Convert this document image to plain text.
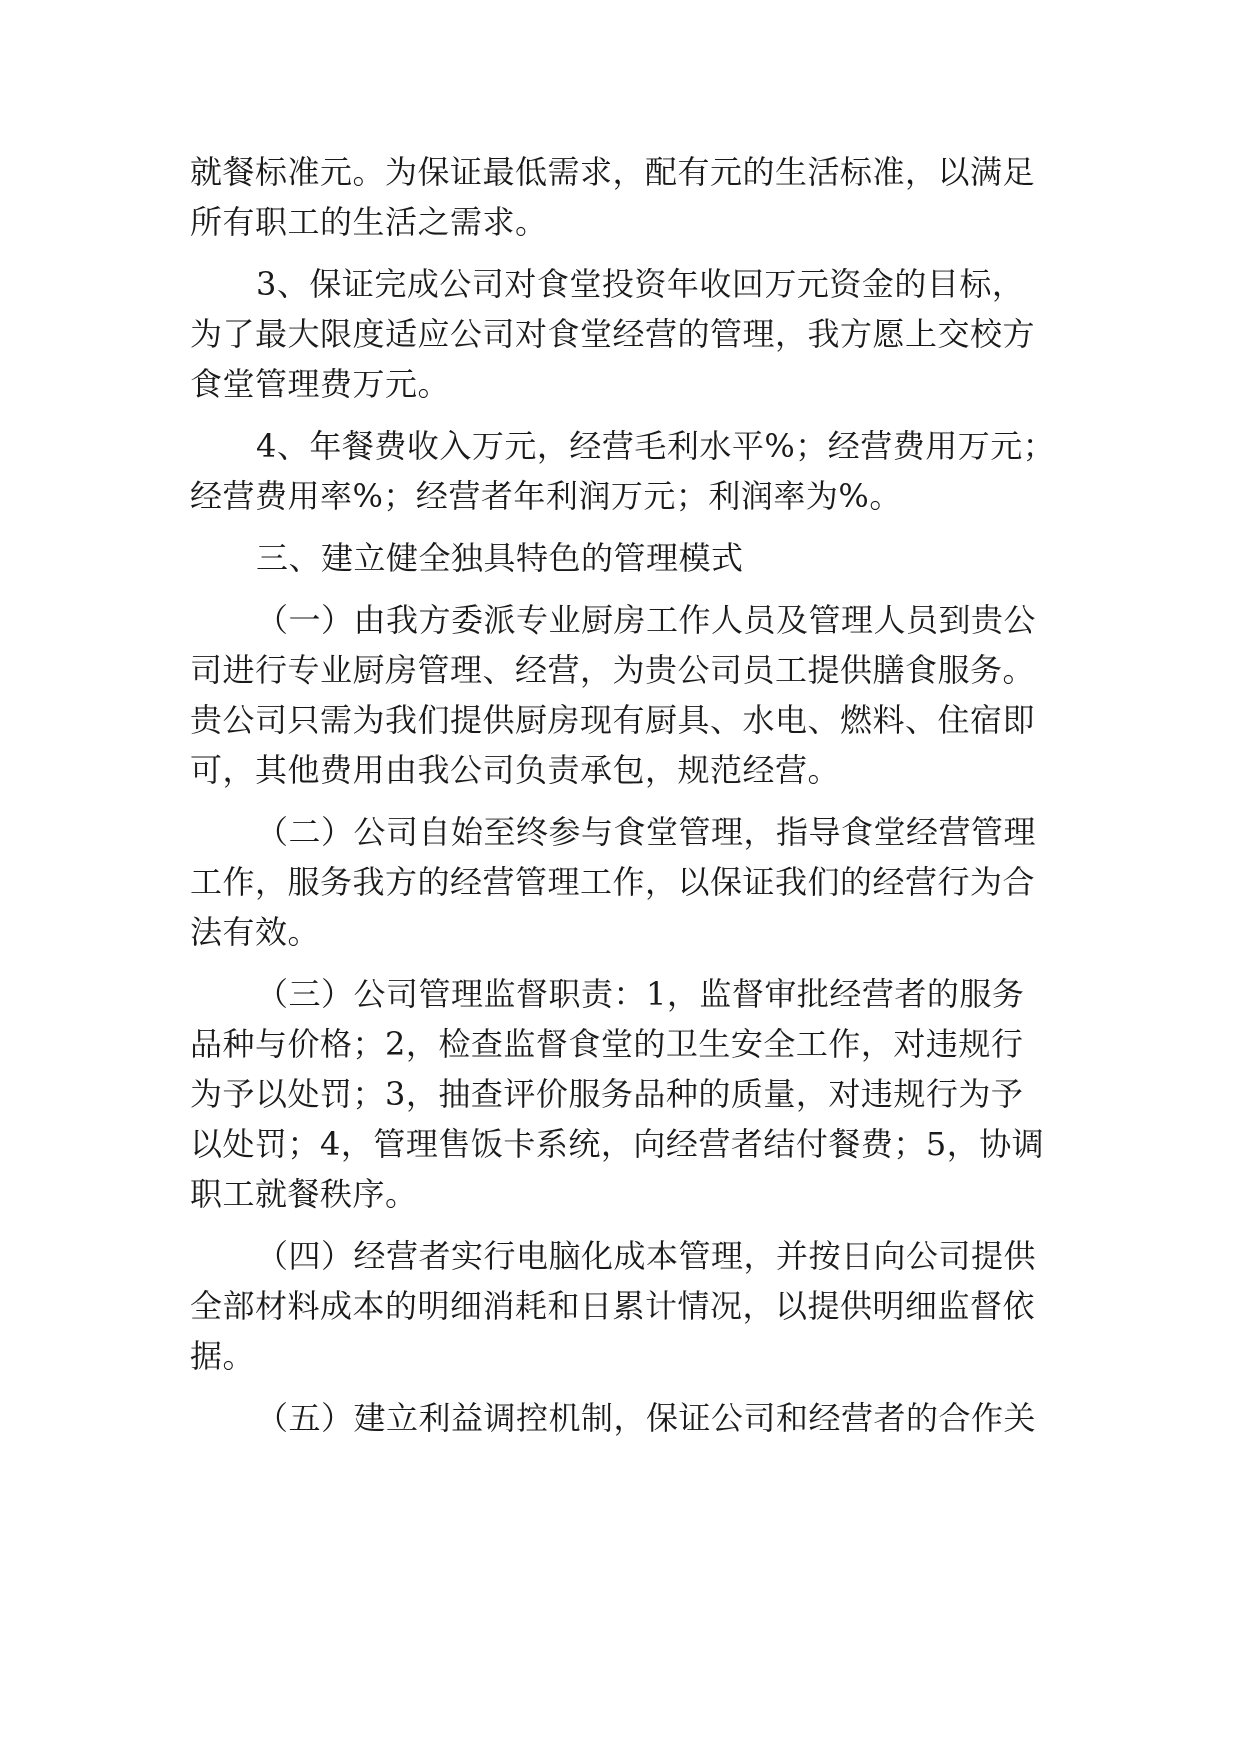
就餐标准元。为保证最低需求，配有元的生活标准，以满足
所有职工的生活之需求。
3、保证完成公司对食堂投资年收回万元资金的目标，
为了最大限度适应公司对食堂经营的管理，我方愿上交校方
食堂管理费万元。
4、年餐费收入万元，经营毛利水平%；经营费用万元；
经营费用率%；经营者年利润万元；利润率为%。
三、建立健全独具特色的管理模式
（一）由我方委派专业厨房工作人员及管理人员到贵公
司进行专业厨房管理、经营，为贵公司员工提供膳食服务。
贵公司只需为我们提供厨房现有厨具、水电、燃料、住宿即
可，其他费用由我公司负责承包，规范经营。
（二）公司自始至终参与食堂管理，指导食堂经营管理
工作，服务我方的经营管理工作，以保证我们的经营行为合
法有效。
（三）公司管理监督职责：1，监督审批经营者的服务
品种与价格；2，检查监督食堂的卫生安全工作，对违规行
为予以处罚；3，抽查评价服务品种的质量，对违规行为予
以处罚；4，管理售饭卡系统，向经营者结付餐费；5，协调
职工就餐秩序。
（四）经营者实行电脑化成本管理，并按日向公司提供
全部材料成本的明细消耗和日累计情况，以提供明细监督依
据。
（五）建立利益调控机制，保证公司和经营者的合作关
